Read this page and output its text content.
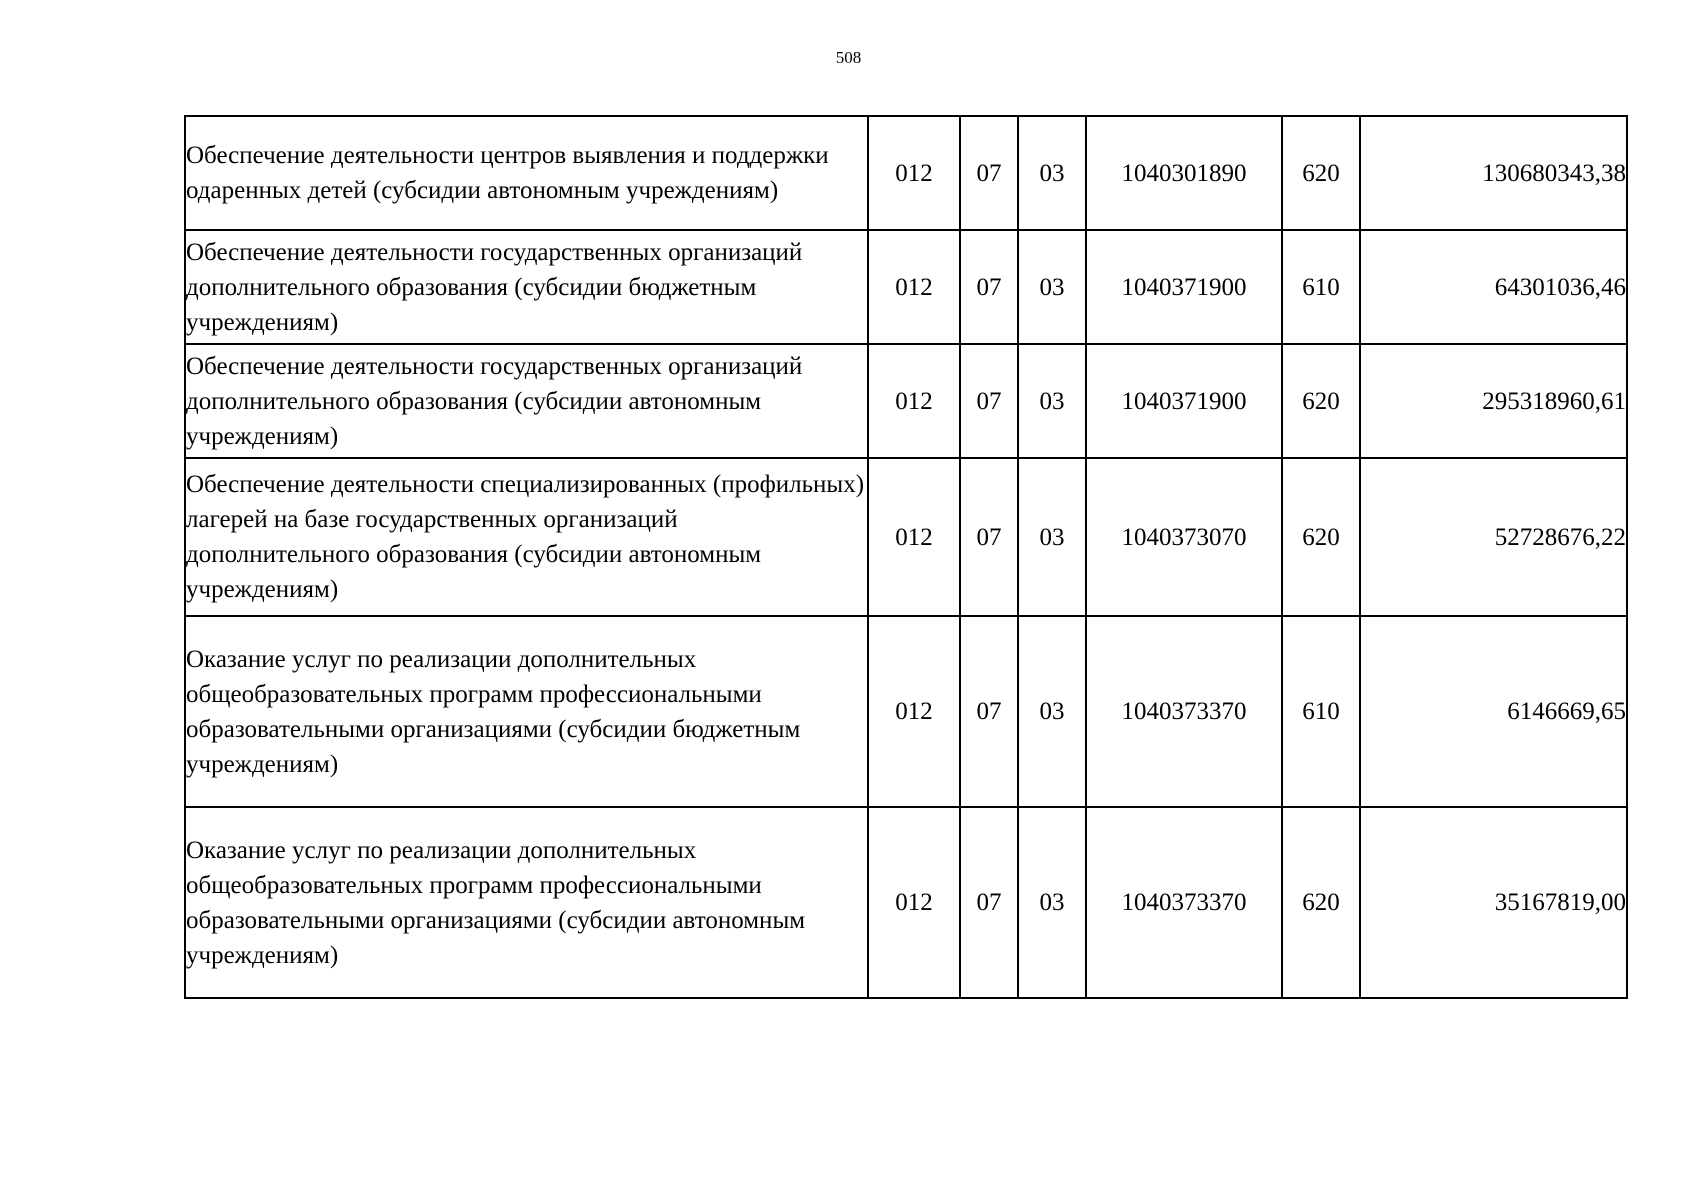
508
Обеспечение деятельности центров выявления и поддержки одаренных детей (субсидии автономным учреждениям)	012	07	03	1040301890	620	130680343,38
Обеспечение деятельности государственных организаций дополнительного образования (субсидии бюджетным учреждениям)	012	07	03	1040371900	610	64301036,46
Обеспечение деятельности государственных организаций дополнительного образования (субсидии автономным учреждениям)	012	07	03	1040371900	620	295318960,61
Обеспечение деятельности специализированных (профильных) лагерей на базе государственных организаций дополнительного образования (субсидии автономным учреждениям)	012	07	03	1040373070	620	52728676,22
Оказание услуг по реализации дополнительных общеобразовательных программ профессиональными образовательными организациями (субсидии бюджетным учреждениям)	012	07	03	1040373370	610	6146669,65
Оказание услуг по реализации дополнительных общеобразовательных программ профессиональными образовательными организациями (субсидии автономным учреждениям)	012	07	03	1040373370	620	35167819,00
